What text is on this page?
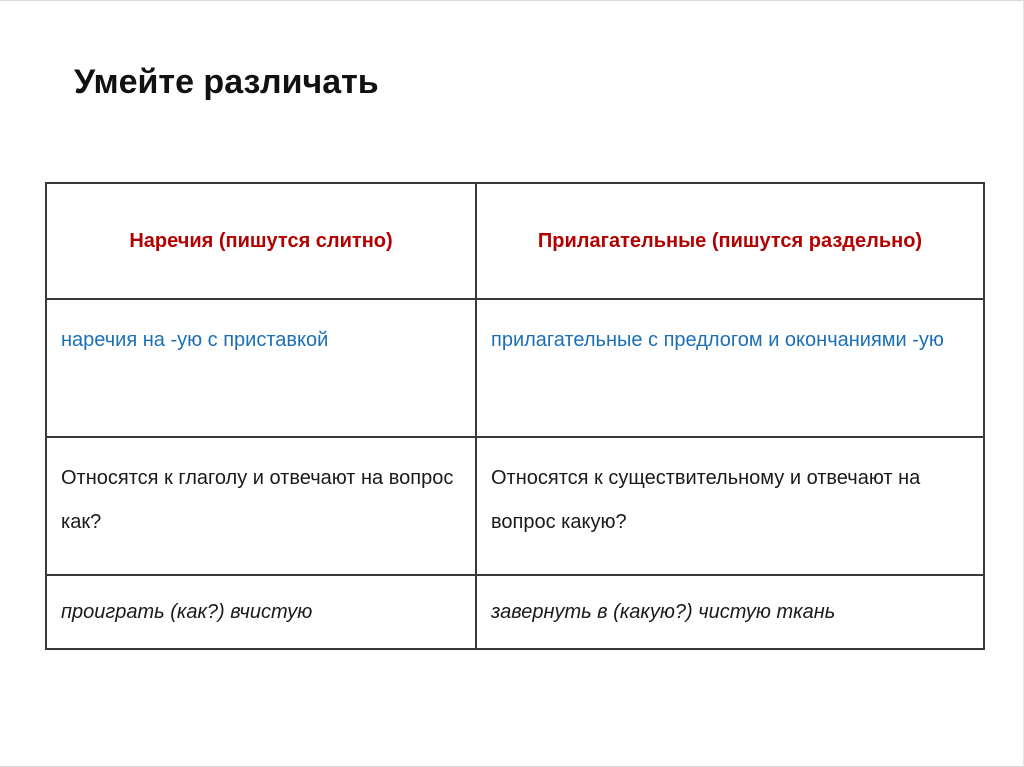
Умейте различать
Наречия (пишутся слитно)	Прилагательные (пишутся раздельно)
наречия на -ую с приставкой	прилагательные с предлогом и окончаниями -ую
Относятся к глаголу и отвечают на вопрос как?	Относятся к существительному и отвечают на вопрос какую?
проиграть (как?) вчистую	завернуть в (какую?) чистую ткань
